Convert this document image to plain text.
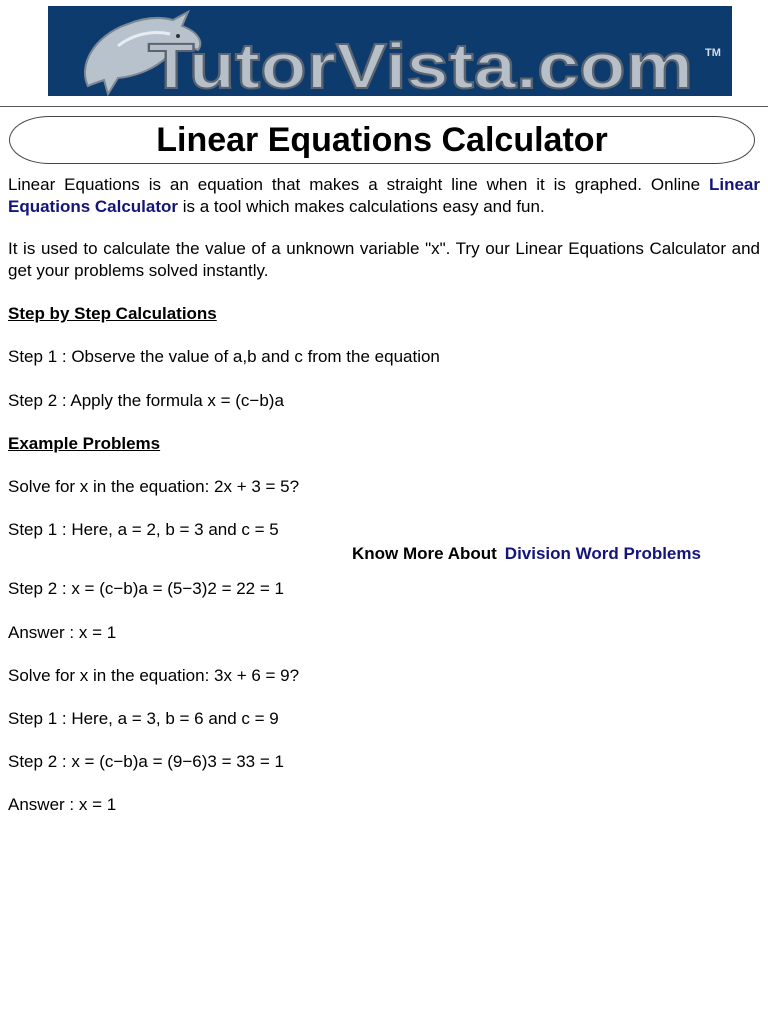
TutorVista.com TM
Linear Equations Calculator

Linear Equations is an equation that makes a straight line when it is graphed. Online Linear Equations Calculator is a tool which makes calculations easy and fun.

It is used to calculate the value of a unknown variable "x". Try our Linear Equations Calculator and get your problems solved instantly.

Step by Step Calculations

Step 1 : Observe the value of a,b and c from the equation

Step 2 : Apply the formula x = (c−b)a

Example Problems

Solve for x in the equation: 2x + 3 = 5?

Step 1 : Here, a = 2, b = 3 and c = 5

Know More About Division Word Problems

Step 2 : x = (c−b)a = (5−3)2 = 22 = 1

Answer : x = 1

Solve for x in the equation: 3x + 6 = 9?

Step 1 : Here, a = 3, b = 6 and c = 9

Step 2 : x = (c−b)a = (9−6)3 = 33 = 1

Answer : x = 1
